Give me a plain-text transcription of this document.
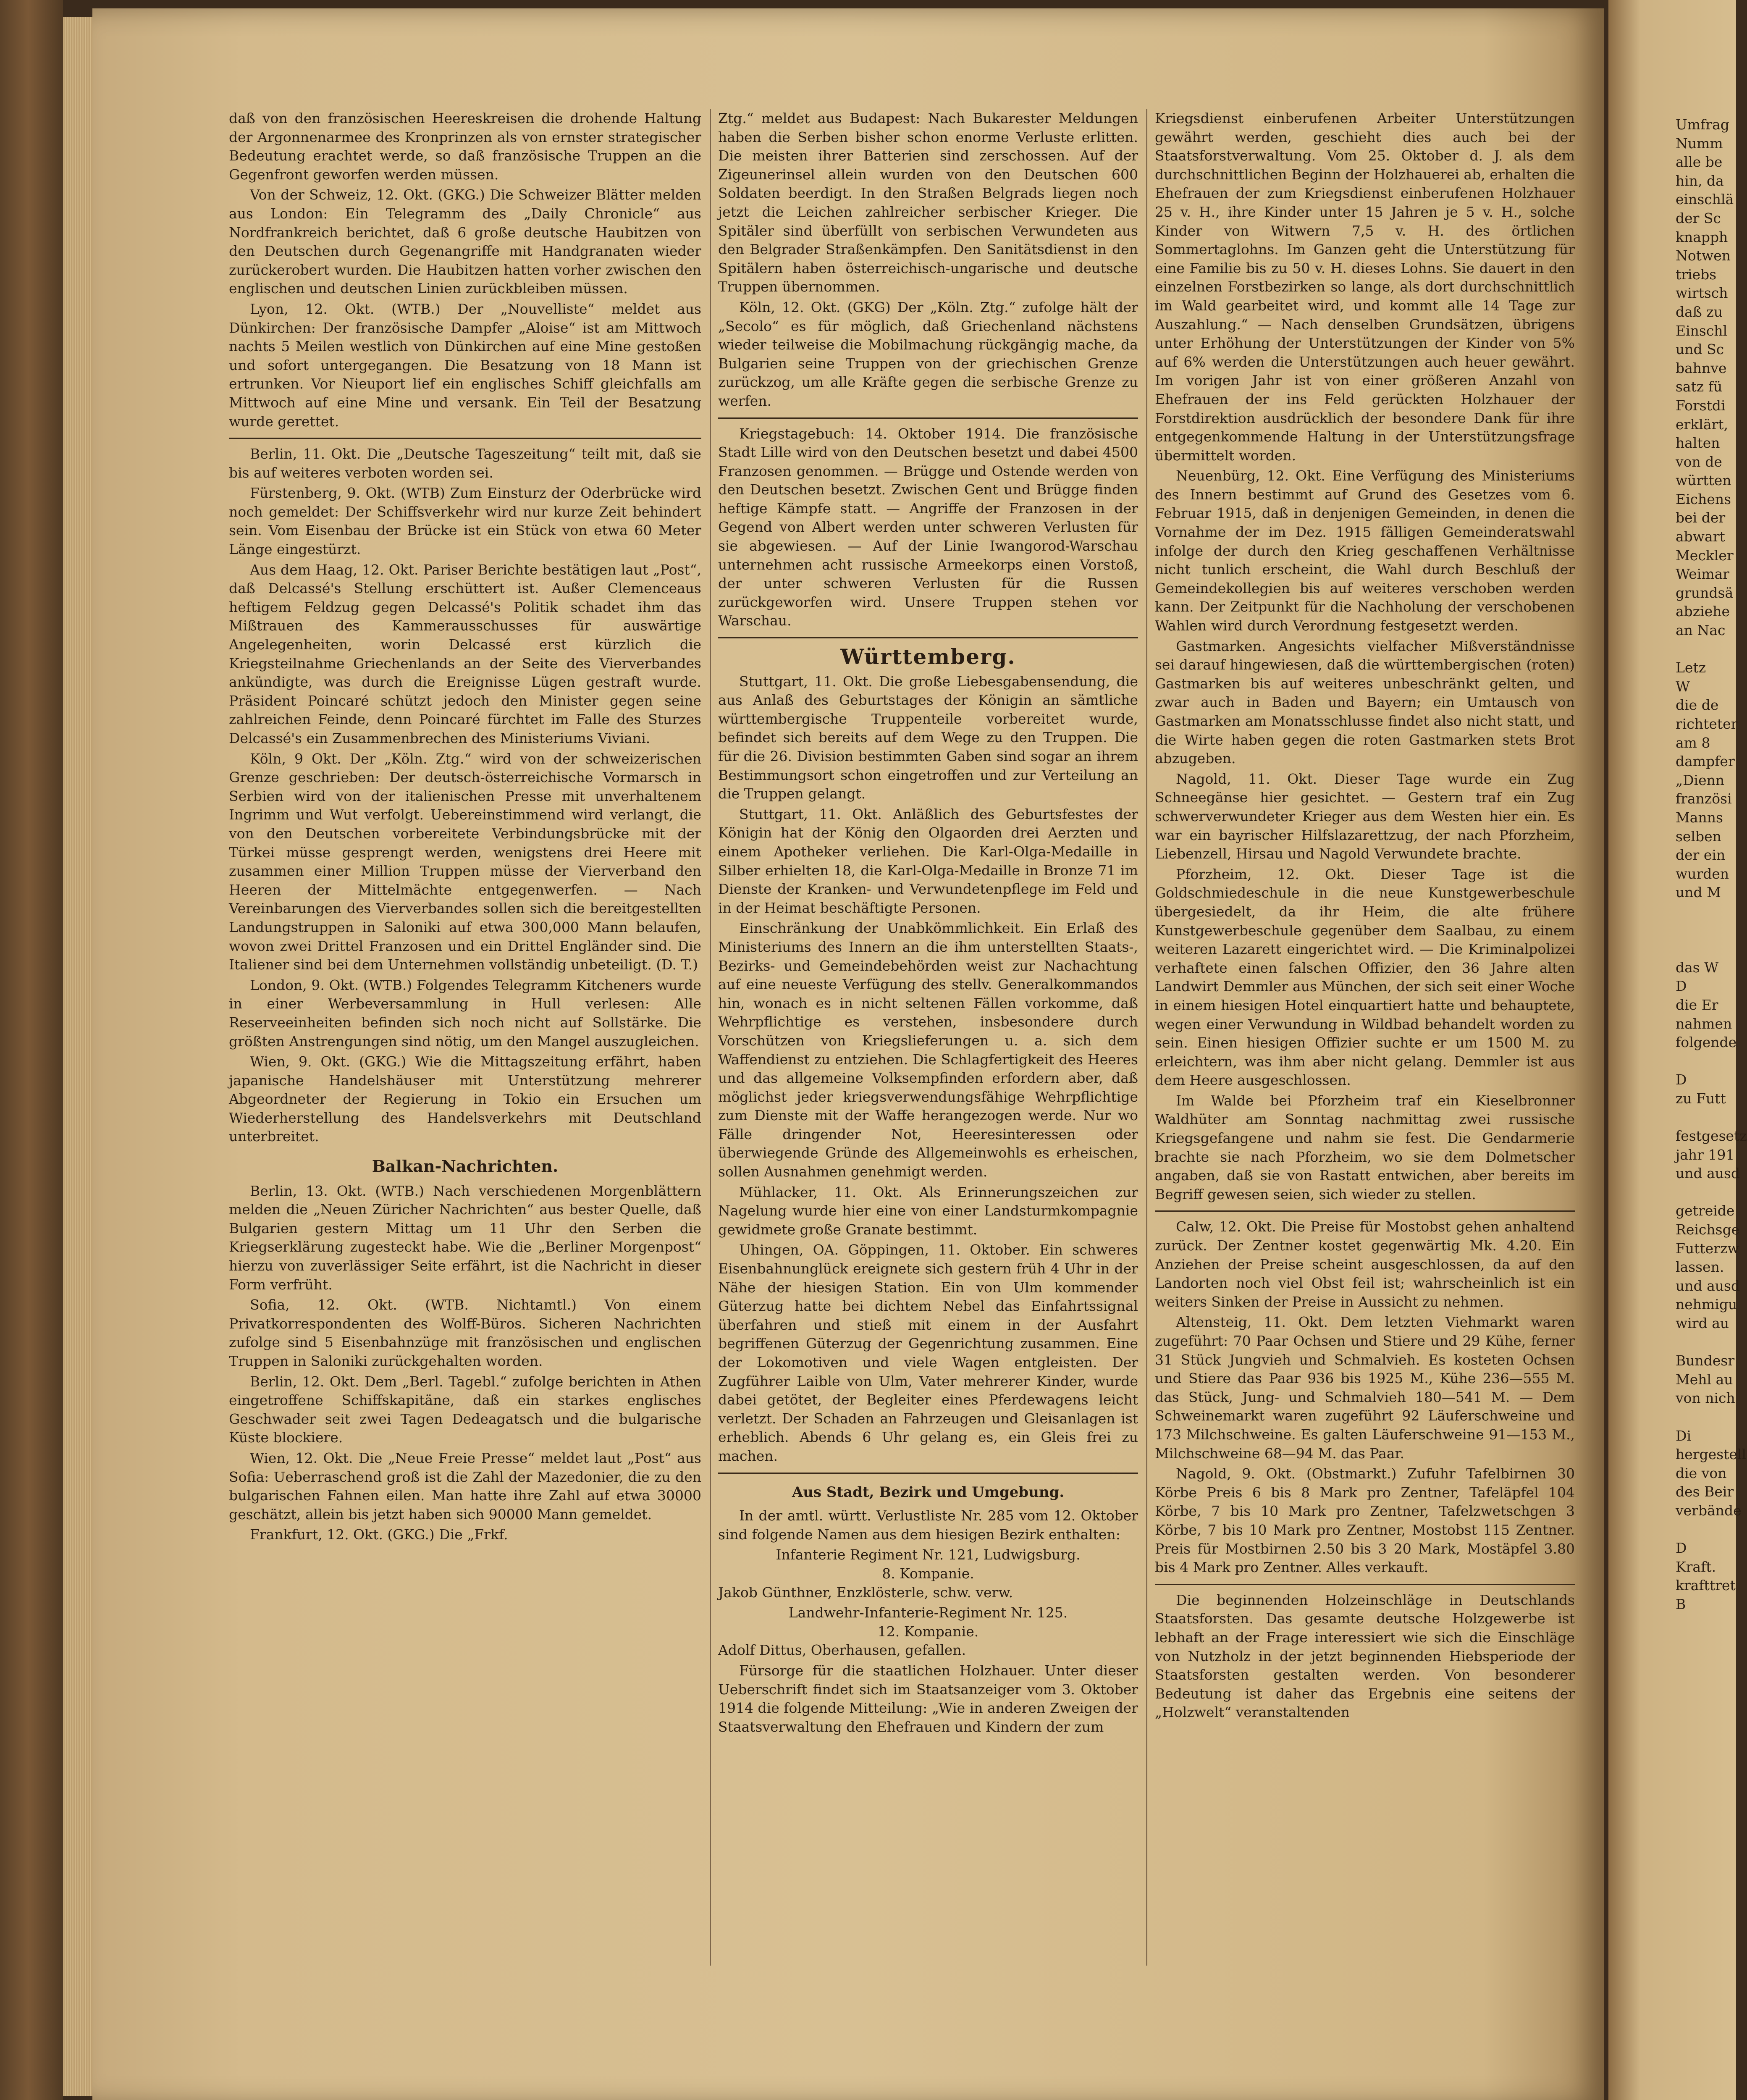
Umfrag
Numm
alle be
hin, da
einschlä
der Sc
knapph
Notwen
triebs
wirtsch
daß zu
Einschl
und Sc
bahnve
satz fü
Forstdi
erklärt,
halten
von de
württen
Eichens
bei der
abwart
Meckler
Weimar
grundsä
abziehe
an Nac
Letz
W
die de
richteter
am 8
dampfer
„Dienn
französi
Manns
selben
der ein
wurden
und M
das W
D
die Er
nahmen
folgende
D
zu Futt
festgesetz
jahr 191
und ausd
getreide
Reichsge
Futterzw
lassen.
und ausd
nehmigu
wird au
Bundesr
Mehl au
von nich
Di
hergestell
die von
des Beir
verbände
D
Kraft.
krafttret
B

daß von den französischen Heereskreisen die drohende Haltung der Argonnenarmee des Kronprinzen als von ernster strategischer Bedeutung erachtet werde, so daß französische Truppen an die Gegenfront geworfen werden müssen.

Von der Schweiz, 12. Okt. (GKG.) Die Schweizer Blätter melden aus London: Ein Telegramm des „Daily Chronicle“ aus Nordfrankreich berichtet, daß 6 große deutsche Haubitzen von den Deutschen durch Gegenangriffe mit Handgranaten wieder zurückerobert wurden. Die Haubitzen hatten vorher zwischen den englischen und deutschen Linien zurückbleiben müssen.

Lyon, 12. Okt. (WTB.) Der „Nouvelliste“ meldet aus Dünkirchen: Der französische Dampfer „Aloise“ ist am Mittwoch nachts 5 Meilen westlich von Dünkirchen auf eine Mine gestoßen und sofort untergegangen. Die Besatzung von 18 Mann ist ertrunken. Vor Nieuport lief ein englisches Schiff gleichfalls am Mittwoch auf eine Mine und versank. Ein Teil der Besatzung wurde gerettet.

Berlin, 11. Okt. Die „Deutsche Tageszeitung“ teilt mit, daß sie bis auf weiteres verboten worden sei.

Fürstenberg, 9. Okt. (WTB) Zum Einsturz der Oderbrücke wird noch gemeldet: Der Schiffsverkehr wird nur kurze Zeit behindert sein. Vom Eisenbau der Brücke ist ein Stück von etwa 60 Meter Länge eingestürzt.

Aus dem Haag, 12. Okt. Pariser Berichte bestätigen laut „Post“, daß Delcassé's Stellung erschüttert ist. Außer Clemenceaus heftigem Feldzug gegen Delcassé's Politik schadet ihm das Mißtrauen des Kammerausschusses für auswärtige Angelegenheiten, worin Delcassé erst kürzlich die Kriegsteilnahme Griechenlands an der Seite des Vierverbandes ankündigte, was durch die Ereignisse Lügen gestraft wurde. Präsident Poincaré schützt jedoch den Minister gegen seine zahlreichen Feinde, denn Poincaré fürchtet im Falle des Sturzes Delcassé's ein Zusammenbrechen des Ministeriums Viviani.

Köln, 9 Okt. Der „Köln. Ztg.“ wird von der schweizerischen Grenze geschrieben: Der deutsch-österreichische Vormarsch in Serbien wird von der italienischen Presse mit unverhaltenem Ingrimm und Wut verfolgt. Uebereinstimmend wird verlangt, die von den Deutschen vorbereitete Verbindungsbrücke mit der Türkei müsse gesprengt werden, wenigstens drei Heere mit zusammen einer Million Truppen müsse der Vierverband den Heeren der Mittelmächte entgegenwerfen. — Nach Vereinbarungen des Vierverbandes sollen sich die bereitgestellten Landungstruppen in Saloniki auf etwa 300,000 Mann belaufen, wovon zwei Drittel Franzosen und ein Drittel Engländer sind. Die Italiener sind bei dem Unternehmen vollständig unbeteiligt. (D. T.)

London, 9. Okt. (WTB.) Folgendes Telegramm Kitcheners wurde in einer Werbeversammlung in Hull verlesen: Alle Reserveeinheiten befinden sich noch nicht auf Sollstärke. Die größten Anstrengungen sind nötig, um den Mangel auszugleichen.

Wien, 9. Okt. (GKG.) Wie die Mittagszeitung erfährt, haben japanische Handelshäuser mit Unterstützung mehrerer Abgeordneter der Regierung in Tokio ein Ersuchen um Wiederherstellung des Handelsverkehrs mit Deutschland unterbreitet.

Balkan-Nachrichten.

Berlin, 13. Okt. (WTB.) Nach verschiedenen Morgenblättern melden die „Neuen Züricher Nachrichten“ aus bester Quelle, daß Bulgarien gestern Mittag um 11 Uhr den Serben die Kriegserklärung zugesteckt habe. Wie die „Berliner Morgenpost“ hierzu von zuverlässiger Seite erfährt, ist die Nachricht in dieser Form verfrüht.

Sofia, 12. Okt. (WTB. Nichtamtl.) Von einem Privatkorrespondenten des Wolff-Büros. Sicheren Nachrichten zufolge sind 5 Eisenbahnzüge mit französischen und englischen Truppen in Saloniki zurückgehalten worden.

Berlin, 12. Okt. Dem „Berl. Tagebl.“ zufolge berichten in Athen eingetroffene Schiffskapitäne, daß ein starkes englisches Geschwader seit zwei Tagen Dedeagatsch und die bulgarische Küste blockiere.

Wien, 12. Okt. Die „Neue Freie Presse“ meldet laut „Post“ aus Sofia: Ueberraschend groß ist die Zahl der Mazedonier, die zu den bulgarischen Fahnen eilen. Man hatte ihre Zahl auf etwa 30000 geschätzt, allein bis jetzt haben sich 90000 Mann gemeldet.

Frankfurt, 12. Okt. (GKG.) Die „Frkf.

Ztg.“ meldet aus Budapest: Nach Bukarester Meldungen haben die Serben bisher schon enorme Verluste erlitten. Die meisten ihrer Batterien sind zerschossen. Auf der Zigeunerinsel allein wurden von den Deutschen 600 Soldaten beerdigt. In den Straßen Belgrads liegen noch jetzt die Leichen zahlreicher serbischer Krieger. Die Spitäler sind überfüllt von serbischen Verwundeten aus den Belgrader Straßenkämpfen. Den Sanitätsdienst in den Spitälern haben österreichisch-ungarische und deutsche Truppen übernommen.

Köln, 12. Okt. (GKG) Der „Köln. Ztg.“ zufolge hält der „Secolo“ es für möglich, daß Griechenland nächstens wieder teilweise die Mobilmachung rückgängig mache, da Bulgarien seine Truppen von der griechischen Grenze zurückzog, um alle Kräfte gegen die serbische Grenze zu werfen.

Kriegstagebuch: 14. Oktober 1914. Die französische Stadt Lille wird von den Deutschen besetzt und dabei 4500 Franzosen genommen. — Brügge und Ostende werden von den Deutschen besetzt. Zwischen Gent und Brügge finden heftige Kämpfe statt. — Angriffe der Franzosen in der Gegend von Albert werden unter schweren Verlusten für sie abgewiesen. — Auf der Linie Iwangorod-Warschau unternehmen acht russische Armeekorps einen Vorstoß, der unter schweren Verlusten für die Russen zurückgeworfen wird. Unsere Truppen stehen vor Warschau.

Württemberg.

Stuttgart, 11. Okt. Die große Liebesgabensendung, die aus Anlaß des Geburtstages der Königin an sämtliche württembergische Truppenteile vorbereitet wurde, befindet sich bereits auf dem Wege zu den Truppen. Die für die 26. Division bestimmten Gaben sind sogar an ihrem Bestimmungsort schon eingetroffen und zur Verteilung an die Truppen gelangt.

Stuttgart, 11. Okt. Anläßlich des Geburtsfestes der Königin hat der König den Olgaorden drei Aerzten und einem Apotheker verliehen. Die Karl-Olga-Medaille in Silber erhielten 18, die Karl-Olga-Medaille in Bronze 71 im Dienste der Kranken- und Verwundetenpflege im Feld und in der Heimat beschäftigte Personen.

Einschränkung der Unabkömmlichkeit. Ein Erlaß des Ministeriums des Innern an die ihm unterstellten Staats-, Bezirks- und Gemeindebehörden weist zur Nachachtung auf eine neueste Verfügung des stellv. Generalkommandos hin, wonach es in nicht seltenen Fällen vorkomme, daß Wehrpflichtige es verstehen, insbesondere durch Vorschützen von Kriegslieferungen u. a. sich dem Waffendienst zu entziehen. Die Schlagfertigkeit des Heeres und das allgemeine Volksempfinden erfordern aber, daß möglichst jeder kriegsverwendungsfähige Wehrpflichtige zum Dienste mit der Waffe herangezogen werde. Nur wo Fälle dringender Not, Heeresinteressen oder überwiegende Gründe des Allgemeinwohls es erheischen, sollen Ausnahmen genehmigt werden.

Mühlacker, 11. Okt. Als Erinnerungszeichen zur Nagelung wurde hier eine von einer Landsturmkompagnie gewidmete große Granate bestimmt.

Uhingen, OA. Göppingen, 11. Oktober. Ein schweres Eisenbahnunglück ereignete sich gestern früh 4 Uhr in der Nähe der hiesigen Station. Ein von Ulm kommender Güterzug hatte bei dichtem Nebel das Einfahrtssignal überfahren und stieß mit einem in der Ausfahrt begriffenen Güterzug der Gegenrichtung zusammen. Eine der Lokomotiven und viele Wagen entgleisten. Der Zugführer Laible von Ulm, Vater mehrerer Kinder, wurde dabei getötet, der Begleiter eines Pferdewagens leicht verletzt. Der Schaden an Fahrzeugen und Gleisanlagen ist erheblich. Abends 6 Uhr gelang es, ein Gleis frei zu machen.

Aus Stadt, Bezirk und Umgebung.

In der amtl. württ. Verlustliste Nr. 285 vom 12. Oktober sind folgende Namen aus dem hiesigen Bezirk enthalten:

Infanterie Regiment Nr. 121, Ludwigsburg.

8. Kompanie.

Jakob Günthner, Enzklösterle, schw. verw.

Landwehr-Infanterie-Regiment Nr. 125.

12. Kompanie.

Adolf Dittus, Oberhausen, gefallen.

Fürsorge für die staatlichen Holzhauer. Unter dieser Ueberschrift findet sich im Staatsanzeiger vom 3. Oktober 1914 die folgende Mitteilung: „Wie in anderen Zweigen der Staatsverwaltung den Ehefrauen und Kindern der zum

Kriegsdienst einberufenen Arbeiter Unterstützungen gewährt werden, geschieht dies auch bei der Staatsforstverwaltung. Vom 25. Oktober d. J. als dem durchschnittlichen Beginn der Holzhauerei ab, erhalten die Ehefrauen der zum Kriegsdienst einberufenen Holzhauer 25 v. H., ihre Kinder unter 15 Jahren je 5 v. H., solche Kinder von Witwern 7,5 v. H. des örtlichen Sommertaglohns. Im Ganzen geht die Unterstützung für eine Familie bis zu 50 v. H. dieses Lohns. Sie dauert in den einzelnen Forstbezirken so lange, als dort durchschnittlich im Wald gearbeitet wird, und kommt alle 14 Tage zur Auszahlung.“ — Nach denselben Grundsätzen, übrigens unter Erhöhung der Unterstützungen der Kinder von 5% auf 6% werden die Unterstützungen auch heuer gewährt. Im vorigen Jahr ist von einer größeren Anzahl von Ehefrauen der ins Feld gerückten Holzhauer der Forstdirektion ausdrücklich der besondere Dank für ihre entgegenkommende Haltung in der Unterstützungsfrage übermittelt worden.

Neuenbürg, 12. Okt. Eine Verfügung des Ministeriums des Innern bestimmt auf Grund des Gesetzes vom 6. Februar 1915, daß in denjenigen Gemeinden, in denen die Vornahme der im Dez. 1915 fälligen Gemeinderatswahl infolge der durch den Krieg geschaffenen Verhältnisse nicht tunlich erscheint, die Wahl durch Beschluß der Gemeindekollegien bis auf weiteres verschoben werden kann. Der Zeitpunkt für die Nachholung der verschobenen Wahlen wird durch Verordnung festgesetzt werden.

Gastmarken. Angesichts vielfacher Mißverständnisse sei darauf hingewiesen, daß die württembergischen (roten) Gastmarken bis auf weiteres unbeschränkt gelten, und zwar auch in Baden und Bayern; ein Umtausch von Gastmarken am Monatsschlusse findet also nicht statt, und die Wirte haben gegen die roten Gastmarken stets Brot abzugeben.

Nagold, 11. Okt. Dieser Tage wurde ein Zug Schneegänse hier gesichtet. — Gestern traf ein Zug schwerverwundeter Krieger aus dem Westen hier ein. Es war ein bayrischer Hilfslazarettzug, der nach Pforzheim, Liebenzell, Hirsau und Nagold Verwundete brachte.

Pforzheim, 12. Okt. Dieser Tage ist die Goldschmiedeschule in die neue Kunstgewerbeschule übergesiedelt, da ihr Heim, die alte frühere Kunstgewerbeschule gegenüber dem Saalbau, zu einem weiteren Lazarett eingerichtet wird. — Die Kriminalpolizei verhaftete einen falschen Offizier, den 36 Jahre alten Landwirt Demmler aus München, der sich seit einer Woche in einem hiesigen Hotel einquartiert hatte und behauptete, wegen einer Verwundung in Wildbad behandelt worden zu sein. Einen hiesigen Offizier suchte er um 1500 M. zu erleichtern, was ihm aber nicht gelang. Demmler ist aus dem Heere ausgeschlossen.

Im Walde bei Pforzheim traf ein Kieselbronner Waldhüter am Sonntag nachmittag zwei russische Kriegsgefangene und nahm sie fest. Die Gendarmerie brachte sie nach Pforzheim, wo sie dem Dolmetscher angaben, daß sie von Rastatt entwichen, aber bereits im Begriff gewesen seien, sich wieder zu stellen.

Calw, 12. Okt. Die Preise für Mostobst gehen anhaltend zurück. Der Zentner kostet gegenwärtig Mk. 4.20. Ein Anziehen der Preise scheint ausgeschlossen, da auf den Landorten noch viel Obst feil ist; wahrscheinlich ist ein weiters Sinken der Preise in Aussicht zu nehmen.

Altensteig, 11. Okt. Dem letzten Viehmarkt waren zugeführt: 70 Paar Ochsen und Stiere und 29 Kühe, ferner 31 Stück Jungvieh und Schmalvieh. Es kosteten Ochsen und Stiere das Paar 936 bis 1925 M., Kühe 236—555 M. das Stück, Jung- und Schmalvieh 180—541 M. — Dem Schweinemarkt waren zugeführt 92 Läuferschweine und 173 Milchschweine. Es galten Läuferschweine 91—153 M., Milchschweine 68—94 M. das Paar.

Nagold, 9. Okt. (Obstmarkt.) Zufuhr Tafelbirnen 30 Körbe Preis 6 bis 8 Mark pro Zentner, Tafeläpfel 104 Körbe, 7 bis 10 Mark pro Zentner, Tafelzwetschgen 3 Körbe, 7 bis 10 Mark pro Zentner, Mostobst 115 Zentner. Preis für Mostbirnen 2.50 bis 3 20 Mark, Mostäpfel 3.80 bis 4 Mark pro Zentner. Alles verkauft.

Die beginnenden Holzeinschläge in Deutschlands Staatsforsten. Das gesamte deutsche Holzgewerbe ist lebhaft an der Frage interessiert wie sich die Einschläge von Nutzholz in der jetzt beginnenden Hiebsperiode der Staatsforsten gestalten werden. Von besonderer Bedeutung ist daher das Ergebnis eine seitens der „Holzwelt“ veranstaltenden
